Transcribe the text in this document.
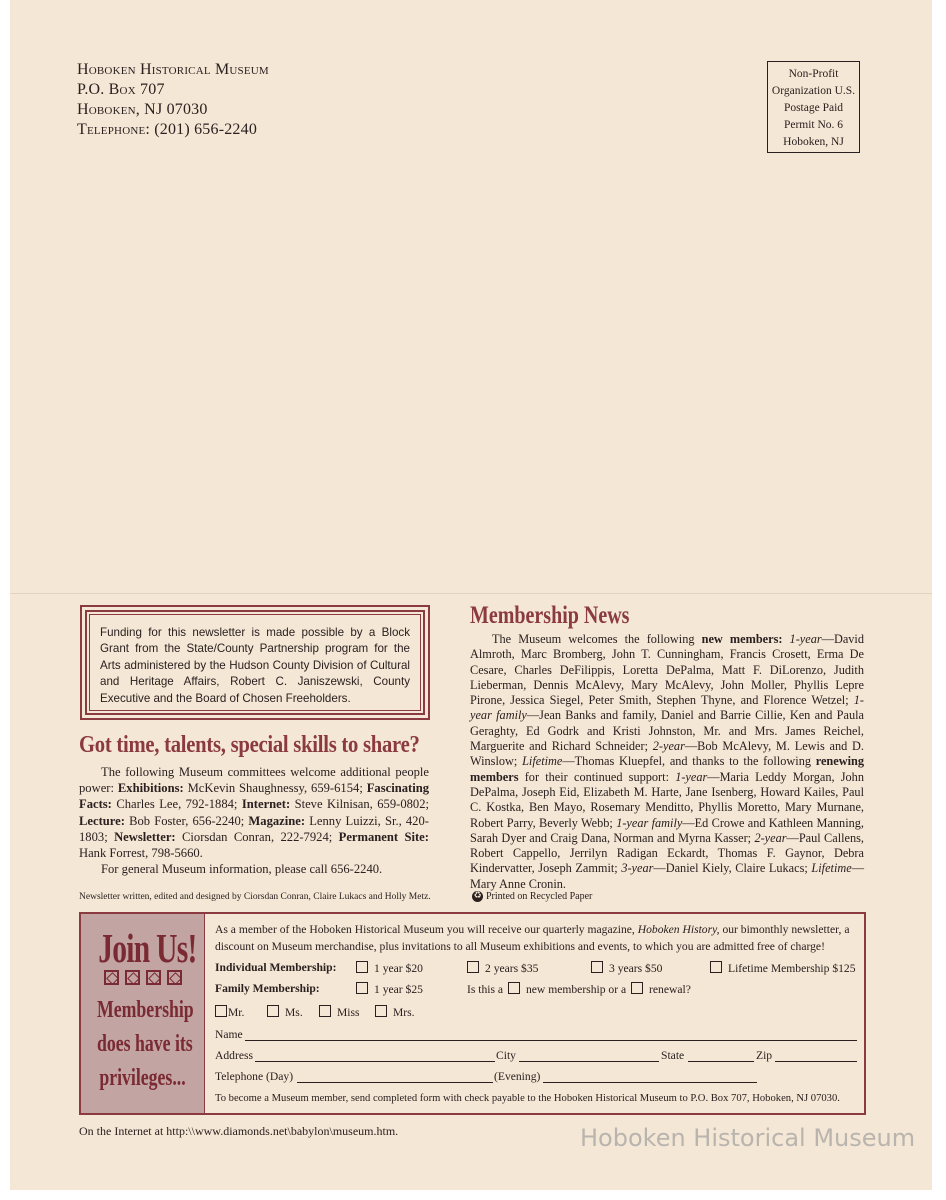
Hoboken Historical Museum
P.O. Box 707
Hoboken, NJ 07030
Telephone: (201) 656-2240
Non-Profit
Organization U.S.
Postage Paid
Permit No. 6
Hoboken, NJ
Funding for this newsletter is made possible by a Block Grant from the State/County Partnership program for the Arts administered by the Hudson County Division of Cultural and Heritage Affairs, Robert C. Janiszewski, County Executive and the Board of Chosen Freeholders.
Got time, talents, special skills to share?
The following Museum committees welcome additional people power: Exhibitions: McKevin Shaughnessy, 659-6154; Fascinating Facts: Charles Lee, 792-1884; Internet: Steve Kilnisan, 659-0802; Lecture: Bob Foster, 656-2240; Magazine: Lenny Luizzi, Sr., 420-1803; Newsletter: Ciorsdan Conran, 222-7924; Permanent Site: Hank Forrest, 798-5660.
For general Museum information, please call 656-2240.
Newsletter written, edited and designed by Ciorsdan Conran, Claire Lukacs and Holly Metz.
Membership News
The Museum welcomes the following new members: 1-year—David Almroth, Marc Bromberg, John T. Cunningham, Francis Crosett, Erma De Cesare, Charles DeFilippis, Loretta DePalma, Matt F. DiLorenzo, Judith Lieberman, Dennis McAlevy, Mary McAlevy, John Moller, Phyllis Lepre Pirone, Jessica Siegel, Peter Smith, Stephen Thyne, and Florence Wetzel; 1-year family—Jean Banks and family, Daniel and Barrie Cillie, Ken and Paula Geraghty, Ed Godrk and Kristi Johnston, Mr. and Mrs. James Reichel, Marguerite and Richard Schneider; 2-year—Bob McAlevy, M. Lewis and D. Winslow; Lifetime—Thomas Kluepfel, and thanks to the following renewing members for their continued support: 1-year—Maria Leddy Morgan, John DePalma, Joseph Eid, Elizabeth M. Harte, Jane Isenberg, Howard Kailes, Paul C. Kostka, Ben Mayo, Rosemary Menditto, Phyllis Moretto, Mary Murnane, Robert Parry, Beverly Webb; 1-year family—Ed Crowe and Kathleen Manning, Sarah Dyer and Craig Dana, Norman and Myrna Kasser; 2-year—Paul Callens, Robert Cappello, Jerrilyn Radigan Eckardt, Thomas F. Gaynor, Debra Kindervatter, Joseph Zammit; 3-year—Daniel Kiely, Claire Lukacs; Lifetime—Mary Anne Cronin.
♻ Printed on Recycled Paper
Join Us!
Membership
does have its
privileges...
As a member of the Hoboken Historical Museum you will receive our quarterly magazine, Hoboken History, our bimonthly newsletter, a discount on Museum merchandise, plus invitations to all Museum exhibitions and events, to which you are admitted free of charge!
Individual Membership:	1 year $20	2 years $35	3 years $50	Lifetime Membership $125
Family Membership:	1 year $25	Is this a new membership or a renewal?
Mr.	Ms.	Miss	Mrs.
Name
Address	City	State	Zip
Telephone (Day)	(Evening)
To become a Museum member, send completed form with check payable to the Hoboken Historical Museum to P.O. Box 707, Hoboken, NJ 07030.
On the Internet at http:\\www.diamonds.net\babylon\museum.htm.	Hoboken Historical Museum
